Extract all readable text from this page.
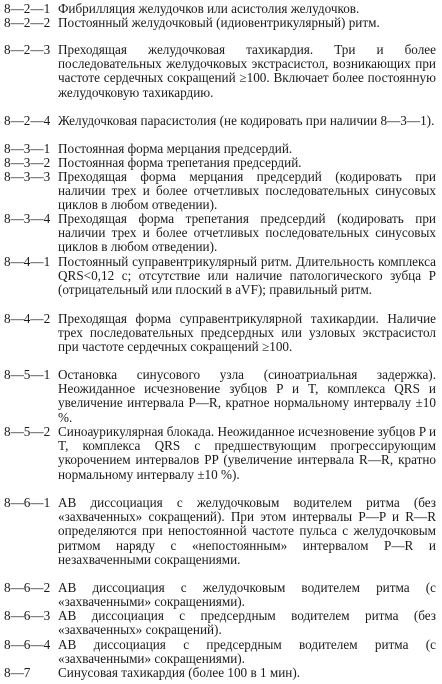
8—2—1 Фибрилляция желудочков или асистолия желудочков.
8—2—2 Постоянный желудочковый (идиовентрикулярный) ритм.
8—2—3 Преходящая желудочковая тахикардия. Три и более последовательных желудочковых экстрасистол, возникающих при частоте сердечных сокращений ≥100. Включает более постоянную желудочковую тахикардию.
8—2—4 Желудочковая парасистолия (не кодировать при наличии 8—3—1).
8—3—1 Постоянная форма мерцания предсердий.
8—3—2 Постоянная форма трепетания предсердий.
8—3—3 Преходящая форма мерцания предсердий (кодировать при наличии трех и более отчетливых последовательных синусовых циклов в любом отведении).
8—3—4 Преходящая форма трепетания предсердий (кодировать при наличии трех и более отчетливых последовательных синусовых циклов в любом отведении).
8—4—1 Постоянный суправентрикулярный ритм. Длительность комплекса QRS<0,12 с; отсутствие или наличие патологического зубца P (отрицательный или плоский в aVF); правильный ритм.
8—4—2 Преходящая форма суправентрикулярной тахикардии. Наличие трех последовательных предсердных или узловых экстрасистол при частоте сердечных сокращений ≥100.
8—5—1 Остановка синусового узла (синоатриальная задержка). Неожиданное исчезновение зубцов P и T, комплекса QRS и увеличение интервала P—R, кратное нормальному интервалу ±10 %.
8—5—2 Синоаурикулярная блокада. Неожиданное исчезновение зубцов P и T, комплекса QRS с предшествующим прогрессирующим укорочением интервалов PP (увеличение интервала R—R, кратно нормальному интервалу ±10 %).
8—6—1 АВ диссоциация с желудочковым водителем ритма (без «захваченных» сокращений). При этом интервалы P—P и R—R определяются при непостоянной частоте пульса с желудочковым ритмом наряду с «непостоянным» интервалом P—R и незахваченными сокращениями.
8—6—2 АВ диссоциация с желудочковым водителем ритма (с «захваченными» сокращениями).
8—6—3 АВ диссоциация с предсердным водителем ритма (без «захваченных» сокращений).
8—6—4 АВ диссоциация с предсердным водителем ритма (с «захваченными» сокращениями).
8—7 Синусовая тахикардия (более 100 в 1 мин).
